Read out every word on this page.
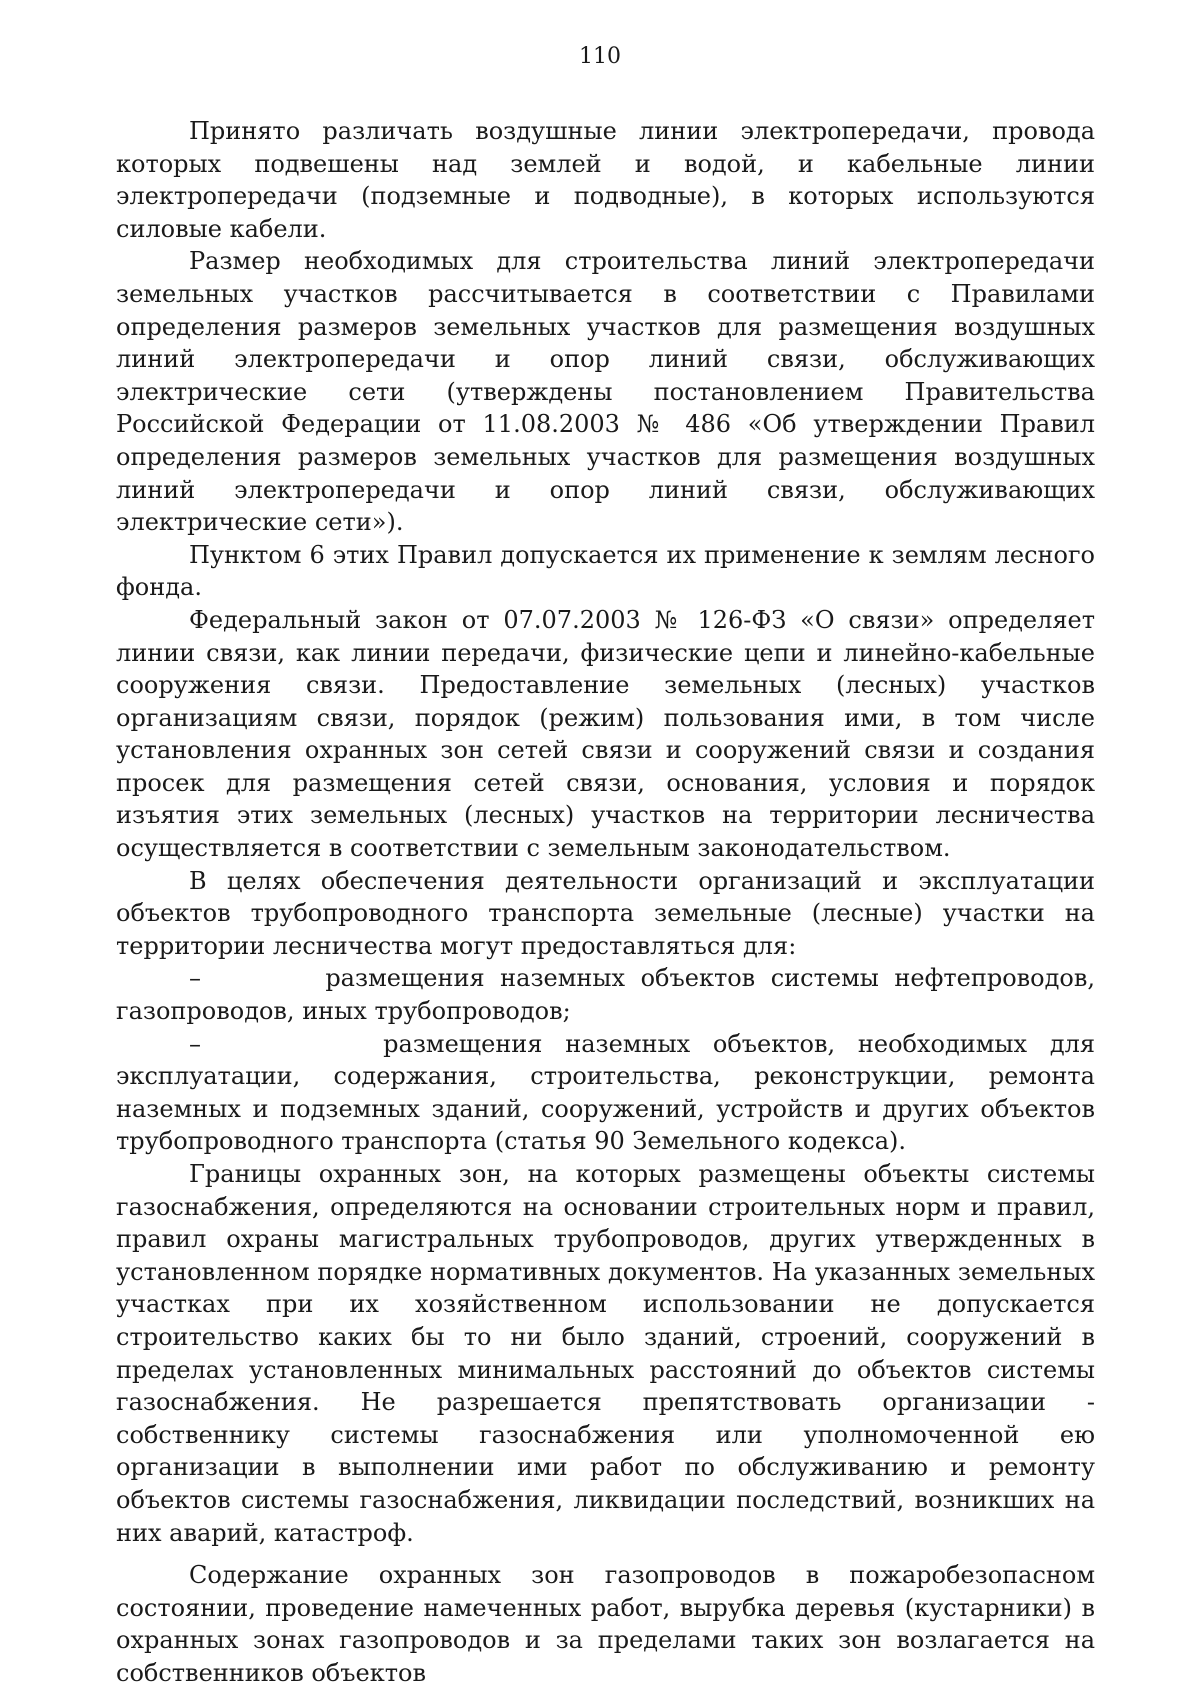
110

Принято различать воздушные линии электропередачи, провода которых подвешены над землей и водой, и кабельные линии электропередачи (подземные и подводные), в которых используются силовые кабели.

Размер необходимых для строительства линий электропередачи земельных участков рассчитывается в соответствии с Правилами определения размеров земельных участков для размещения воздушных линий электропередачи и опор линий связи, обслуживающих электрические сети (утверждены постановлением Правительства Российской Федерации от 11.08.2003 № 486 «Об утверждении Правил определения размеров земельных участков для размещения воздушных линий электропередачи и опор линий связи, обслуживающих электрические сети»).

Пунктом 6 этих Правил допускается их применение к землям лесного фонда.

Федеральный закон от 07.07.2003 № 126-ФЗ «О связи» определяет линии связи, как линии передачи, физические цепи и линейно-кабельные сооружения связи. Предоставление земельных (лесных) участков организациям связи, порядок (режим) пользования ими, в том числе установления охранных зон сетей связи и сооружений связи и создания просек для размещения сетей связи, основания, условия и порядок изъятия этих земельных (лесных) участков на территории лесничества осуществляется в соответствии с земельным законодательством.

В целях обеспечения деятельности организаций и эксплуатации объектов трубопроводного транспорта земельные (лесные) участки на территории лесничества могут предоставляться для:

–        размещения наземных объектов системы нефтепроводов, газопроводов, иных трубопроводов;

–        размещения наземных объектов, необходимых для эксплуатации, содержания, строительства, реконструкции, ремонта наземных и подземных зданий, сооружений, устройств и других объектов трубопроводного транспорта (статья 90 Земельного кодекса).

Границы охранных зон, на которых размещены объекты системы газоснабжения, определяются на основании строительных норм и правил, правил охраны магистральных трубопроводов, других утвержденных в установленном порядке нормативных документов. На указанных земельных участках при их хозяйственном использовании не допускается строительство каких бы то ни было зданий, строений, сооружений в пределах установленных минимальных расстояний до объектов системы газоснабжения. Не разрешается препятствовать организации - собственнику системы газоснабжения или уполномоченной ею организации в выполнении ими работ по обслуживанию и ремонту объектов системы газоснабжения, ликвидации последствий, возникших на них аварий, катастроф.

Содержание охранных зон газопроводов в пожаробезопасном состоянии, проведение намеченных работ, вырубка деревья (кустарники) в охранных зонах газопроводов и за пределами таких зон возлагается на собственников объектов
